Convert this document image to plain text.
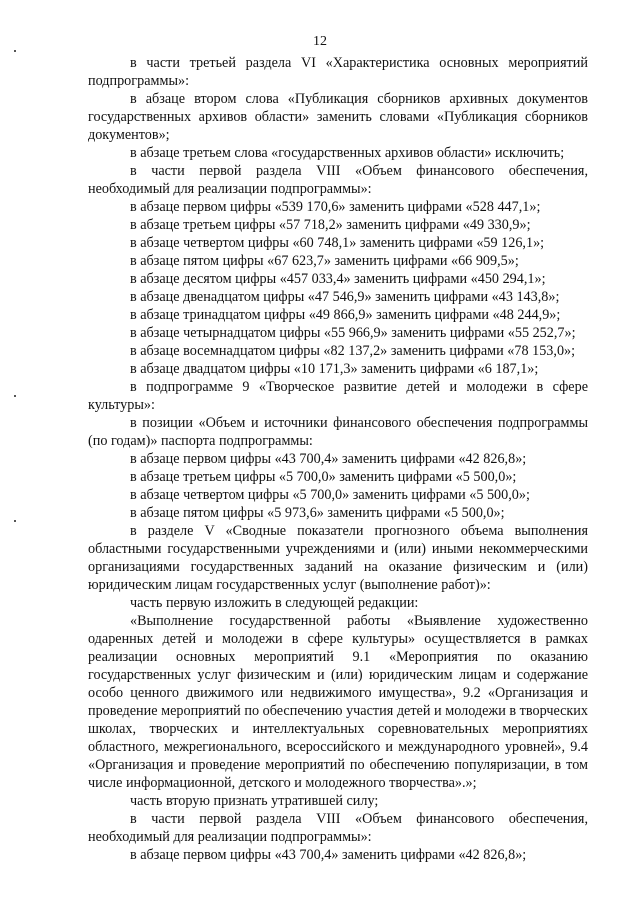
12

в части третьей раздела VI «Характеристика основных мероприятий подпрограммы»:

в абзаце втором слова «Публикация сборников архивных документов государственных архивов области» заменить словами «Публикация сборников документов»;

в абзаце третьем слова «государственных архивов области» исключить;

в части первой раздела VIII «Объем финансового обеспечения, необходимый для реализации подпрограммы»:

в абзаце первом цифры «539 170,6» заменить цифрами «528 447,1»;

в абзаце третьем цифры «57 718,2» заменить цифрами «49 330,9»;

в абзаце четвертом цифры «60 748,1» заменить цифрами «59 126,1»;

в абзаце пятом цифры «67 623,7» заменить цифрами «66 909,5»;

в абзаце десятом цифры «457 033,4» заменить цифрами «450 294,1»;

в абзаце двенадцатом цифры «47 546,9» заменить цифрами «43 143,8»;

в абзаце тринадцатом цифры «49 866,9» заменить цифрами «48 244,9»;

в абзаце четырнадцатом цифры «55 966,9» заменить цифрами «55 252,7»;

в абзаце восемнадцатом цифры «82 137,2» заменить цифрами «78 153,0»;

в абзаце двадцатом цифры «10 171,3» заменить цифрами «6 187,1»;

в подпрограмме 9 «Творческое развитие детей и молодежи в сфере культуры»:

в позиции «Объем и источники финансового обеспечения подпрограммы (по годам)» паспорта подпрограммы:

в абзаце первом цифры «43 700,4» заменить цифрами «42 826,8»;

в абзаце третьем цифры «5 700,0» заменить цифрами «5 500,0»;

в абзаце четвертом цифры «5 700,0» заменить цифрами «5 500,0»;

в абзаце пятом цифры «5 973,6» заменить цифрами «5 500,0»;

в разделе V «Сводные показатели прогнозного объема выполнения областными государственными учреждениями и (или) иными некоммерческими организациями государственных заданий на оказание физическим и (или) юридическим лицам государственных услуг (выполнение работ)»:

часть первую изложить в следующей редакции:

«Выполнение государственной работы «Выявление художественно одаренных детей и молодежи в сфере культуры» осуществляется в рамках реализации основных мероприятий 9.1 «Мероприятия по оказанию государственных услуг физическим и (или) юридическим лицам и содержание особо ценного движимого или недвижимого имущества», 9.2 «Организация и проведение мероприятий по обеспечению участия детей и молодежи в творческих школах, творческих и интеллектуальных соревновательных мероприятиях областного, межрегионального, всероссийского и международного уровней», 9.4 «Организация и проведение мероприятий по обеспечению популяризации, в том числе информационной, детского и молодежного творчества».»;

часть вторую признать утратившей силу;

в части первой раздела VIII «Объем финансового обеспечения, необходимый для реализации подпрограммы»:

в абзаце первом цифры «43 700,4» заменить цифрами «42 826,8»;
